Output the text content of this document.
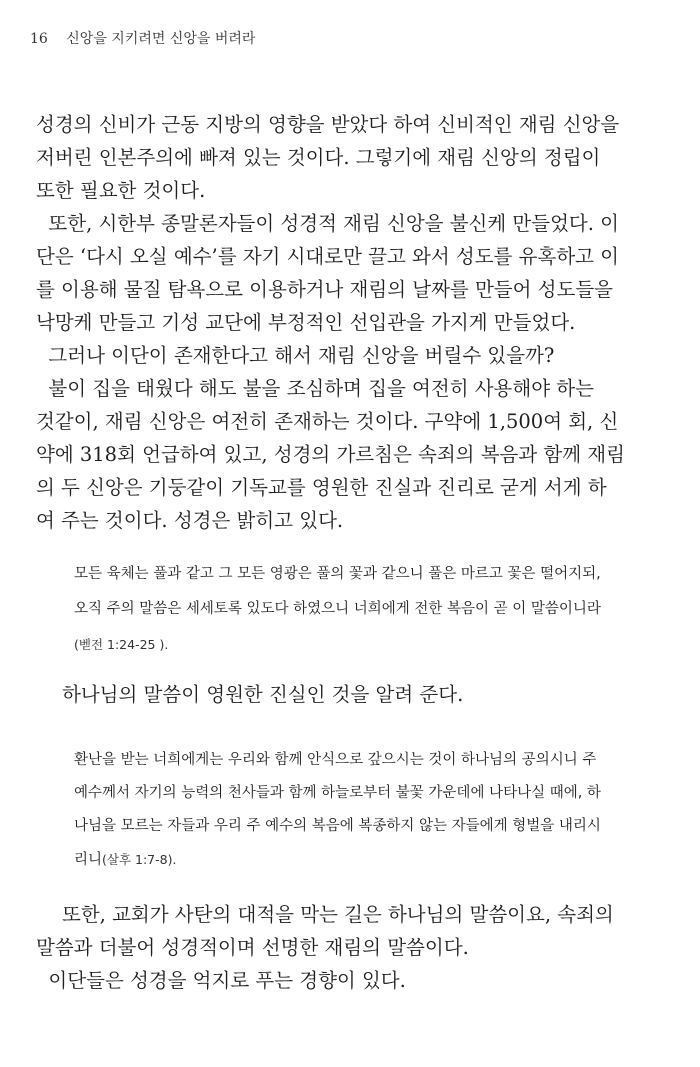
16 신앙을 지키려면 신앙을 버려라
성경의 신비가 근동 지방의 영향을 받았다 하여 신비적인 재림 신앙을
저버린 인본주의에 빠져 있는 것이다. 그렇기에 재림 신앙의 정립이
또한 필요한 것이다.
또한, 시한부 종말론자들이 성경적 재림 신앙을 불신케 만들었다. 이
단은 ‘다시 오실 예수’를 자기 시대로만 끌고 와서 성도를 유혹하고 이
를 이용해 물질 탐욕으로 이용하거나 재림의 날짜를 만들어 성도들을
낙망케 만들고 기성 교단에 부정적인 선입관을 가지게 만들었다.
그러나 이단이 존재한다고 해서 재림 신앙을 버릴수 있을까?
불이 집을 태웠다 해도 불을 조심하며 집을 여전히 사용해야 하는
것같이, 재림 신앙은 여전히 존재하는 것이다. 구약에 1,500여 회, 신
약에 318회 언급하여 있고, 성경의 가르침은 속죄의 복음과 함께 재림
의 두 신앙은 기둥같이 기독교를 영원한 진실과 진리로 굳게 서게 하
여 주는 것이다. 성경은 밝히고 있다.
모든 육체는 풀과 같고 그 모든 영광은 풀의 꽃과 같으니 풀은 마르고 꽃은 떨어지되,
오직 주의 말씀은 세세토록 있도다 하였으니 너희에게 전한 복음이 곧 이 말씀이니라
(벧전 1:24-25 ).
하나님의 말씀이 영원한 진실인 것을 알려 준다.
환난을 받는 너희에게는 우리와 함께 안식으로 갚으시는 것이 하나님의 공의시니 주
예수께서 자기의 능력의 천사들과 함께 하늘로부터 불꽃 가운데에 나타나실 때에, 하
나님을 모르는 자들과 우리 주 예수의 복음에 복종하지 않는 자들에게 형벌을 내리시
리니(살후 1:7-8).
또한, 교회가 사탄의 대적을 막는 길은 하나님의 말씀이요, 속죄의
말씀과 더불어 성경적이며 선명한 재림의 말씀이다.
이단들은 성경을 억지로 푸는 경향이 있다.
